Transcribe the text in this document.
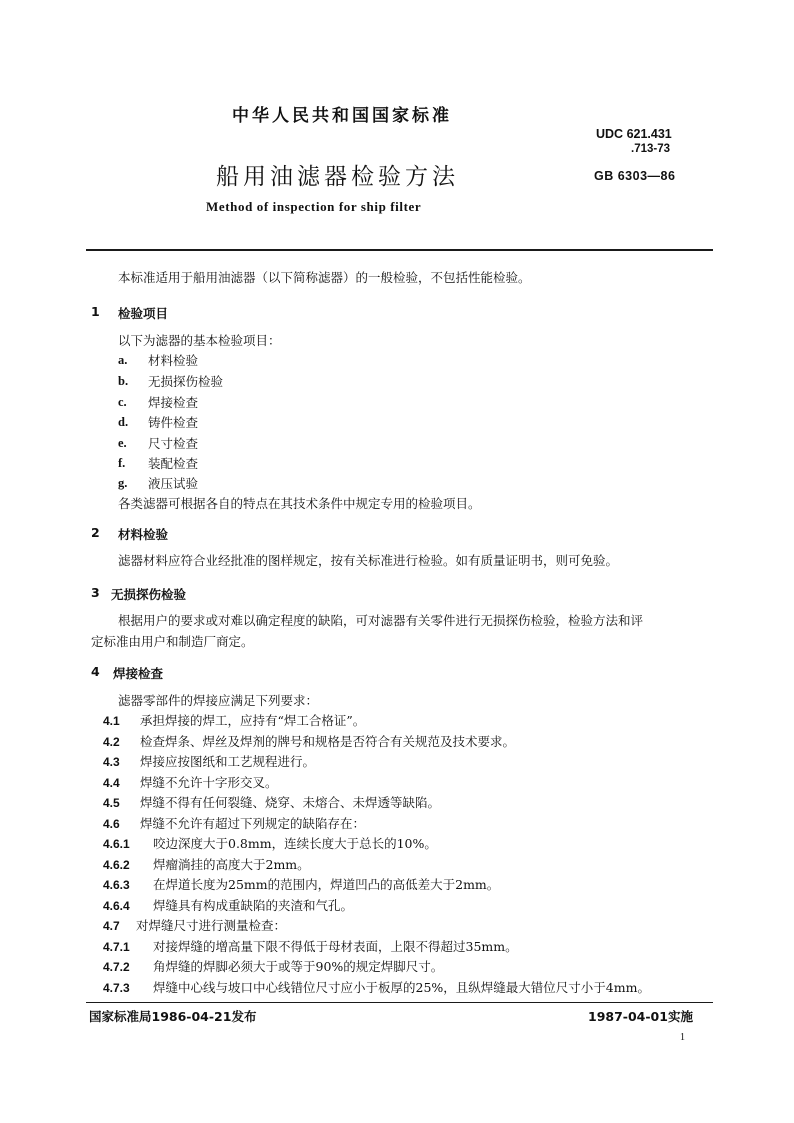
中华人民共和国国家标准
船用油滤器检验方法
Method of inspection for ship filter
UDC 621.431
.713-73
GB 6303—86
本标准适用于船用油滤器（以下简称滤器）的一般检验，不包括性能检验。
1 检验项目
以下为滤器的基本检验项目：
a. 材料检验
b. 无损探伤检验
c. 焊接检查
d. 铸件检查
e. 尺寸检查
f. 装配检查
g. 液压试验
各类滤器可根据各自的特点在其技术条件中规定专用的检验项目。
2 材料检验
滤器材料应符合业经批准的图样规定，按有关标准进行检验。如有质量证明书，则可免验。
3 无损探伤检验
根据用户的要求或对难以确定程度的缺陷，可对滤器有关零件进行无损探伤检验，检验方法和评
定标准由用户和制造厂商定。
4 焊接检查
滤器零部件的焊接应满足下列要求：
4.1 承担焊接的焊工，应持有“焊工合格证”。
4.2 检查焊条、焊丝及焊剂的牌号和规格是否符合有关规范及技术要求。
4.3 焊接应按图纸和工艺规程进行。
4.4 焊缝不允许十字形交叉。
4.5 焊缝不得有任何裂缝、烧穿、未熔合、未焊透等缺陷。
4.6 焊缝不允许有超过下列规定的缺陷存在：
4.6.1 咬边深度大于0.8mm，连续长度大于总长的10%。
4.6.2 焊瘤淌挂的高度大于2mm。
4.6.3 在焊道长度为25mm的范围内，焊道凹凸的高低差大于2mm。
4.6.4 焊缝具有构成重缺陷的夹渣和气孔。
4.7 对焊缝尺寸进行测量检查：
4.7.1 对接焊缝的增高量下限不得低于母材表面，上限不得超过35mm。
4.7.2 角焊缝的焊脚必须大于或等于90%的规定焊脚尺寸。
4.7.3 焊缝中心线与坡口中心线错位尺寸应小于板厚的25%，且纵焊缝最大错位尺寸小于4mm。
国家标准局1986-04-21发布	1987-04-01实施
1
